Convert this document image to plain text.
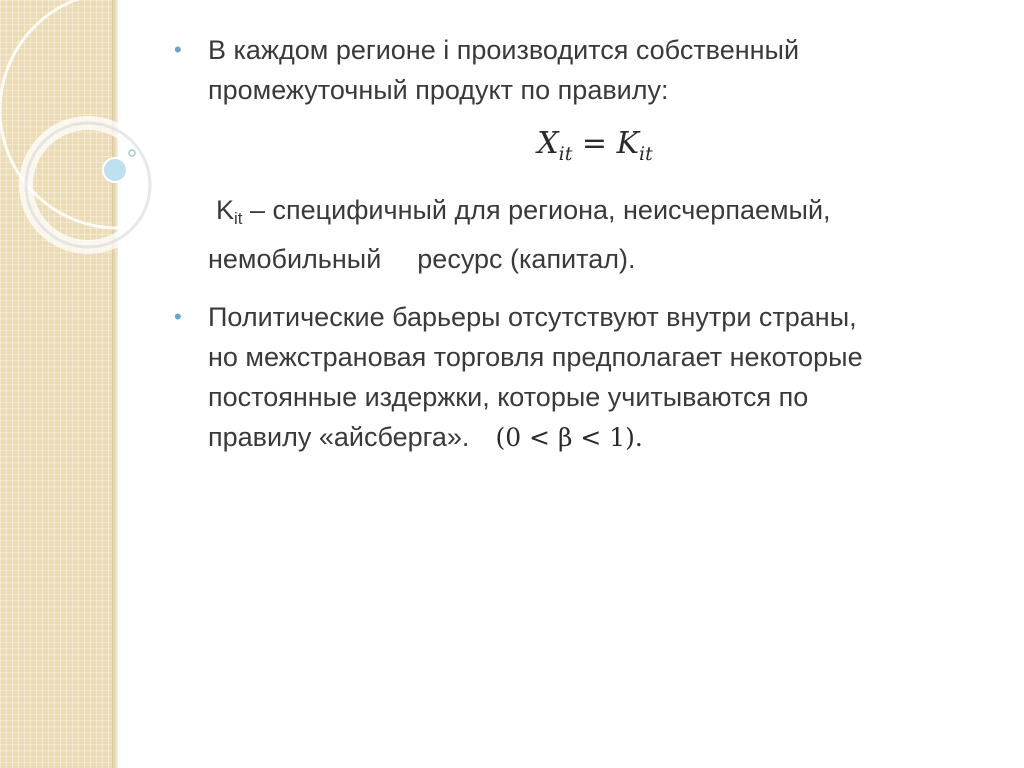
• В каждом регионе i производится собственный
промежуточный продукт по правилу:
$X_{it} = K_{it}$
Kit – специфичный для региона, неисчерпаемый,
немобильный ресурс (капитал).
• Политические барьеры отсутствуют внутри страны,
но межстрановая торговля предполагает некоторые
постоянные издержки, которые учитываются по
правилу «айсберга». (0 < β < 1).
